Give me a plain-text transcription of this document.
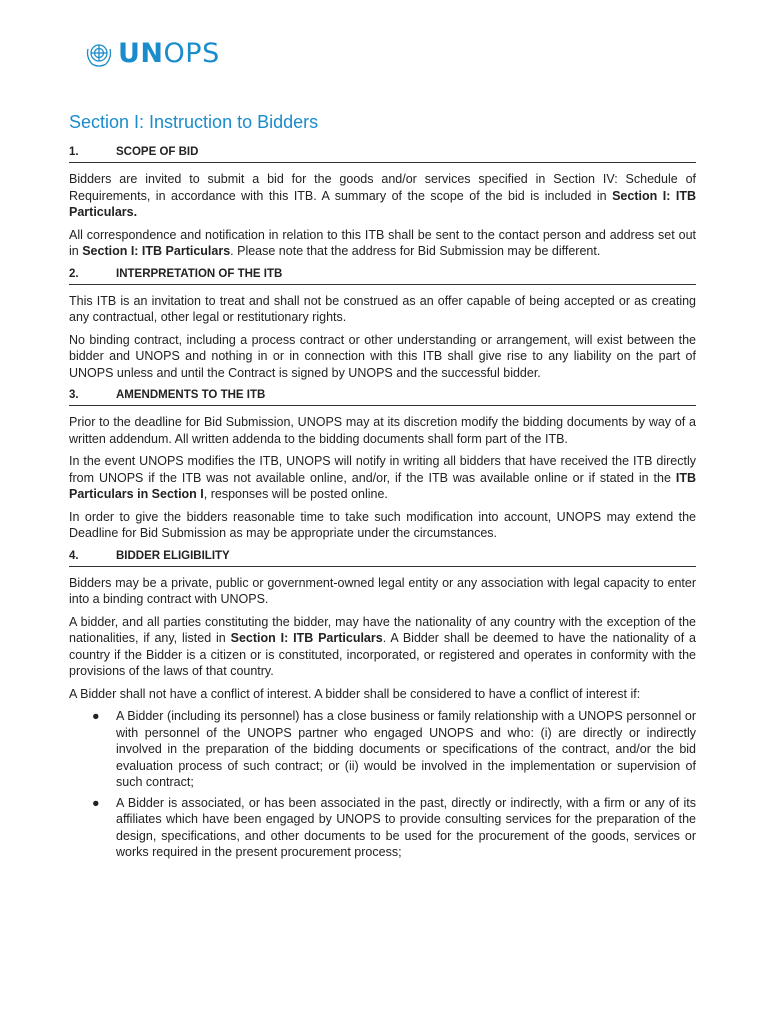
UNOPS
Section I: Instruction to Bidders
1.	SCOPE OF BID

Bidders are invited to submit a bid for the goods and/or services specified in Section IV: Schedule of Requirements, in accordance with this ITB. A summary of the scope of the bid is included in Section I: ITB Particulars.

All correspondence and notification in relation to this ITB shall be sent to the contact person and address set out in Section I: ITB Particulars. Please note that the address for Bid Submission may be different.

2.	INTERPRETATION OF THE ITB

This ITB is an invitation to treat and shall not be construed as an offer capable of being accepted or as creating any contractual, other legal or restitutionary rights.

No binding contract, including a process contract or other understanding or arrangement, will exist between the bidder and UNOPS and nothing in or in connection with this ITB shall give rise to any liability on the part of UNOPS unless and until the Contract is signed by UNOPS and the successful bidder.

3.	AMENDMENTS TO THE ITB

Prior to the deadline for Bid Submission, UNOPS may at its discretion modify the bidding documents by way of a written addendum. All written addenda to the bidding documents shall form part of the ITB.

In the event UNOPS modifies the ITB, UNOPS will notify in writing all bidders that have received the ITB directly from UNOPS if the ITB was not available online, and/or, if the ITB was available online or if stated in the ITB Particulars in Section I, responses will be posted online.

In order to give the bidders reasonable time to take such modification into account, UNOPS may extend the Deadline for Bid Submission as may be appropriate under the circumstances.

4.	BIDDER ELIGIBILITY

Bidders may be a private, public or government-owned legal entity or any association with legal capacity to enter into a binding contract with UNOPS.

A bidder, and all parties constituting the bidder, may have the nationality of any country with the exception of the nationalities, if any, listed in Section I: ITB Particulars. A Bidder shall be deemed to have the nationality of a country if the Bidder is a citizen or is constituted, incorporated, or registered and operates in conformity with the provisions of the laws of that country.

A Bidder shall not have a conflict of interest. A bidder shall be considered to have a conflict of interest if:

● A Bidder (including its personnel) has a close business or family relationship with a UNOPS personnel or with personnel of the UNOPS partner who engaged UNOPS and who: (i) are directly or indirectly involved in the preparation of the bidding documents or specifications of the contract, and/or the bid evaluation process of such contract; or (ii) would be involved in the implementation or supervision of such contract;
● A Bidder is associated, or has been associated in the past, directly or indirectly, with a firm or any of its affiliates which have been engaged by UNOPS to provide consulting services for the preparation of the design, specifications, and other documents to be used for the procurement of the goods, services or works required in the present procurement process;
